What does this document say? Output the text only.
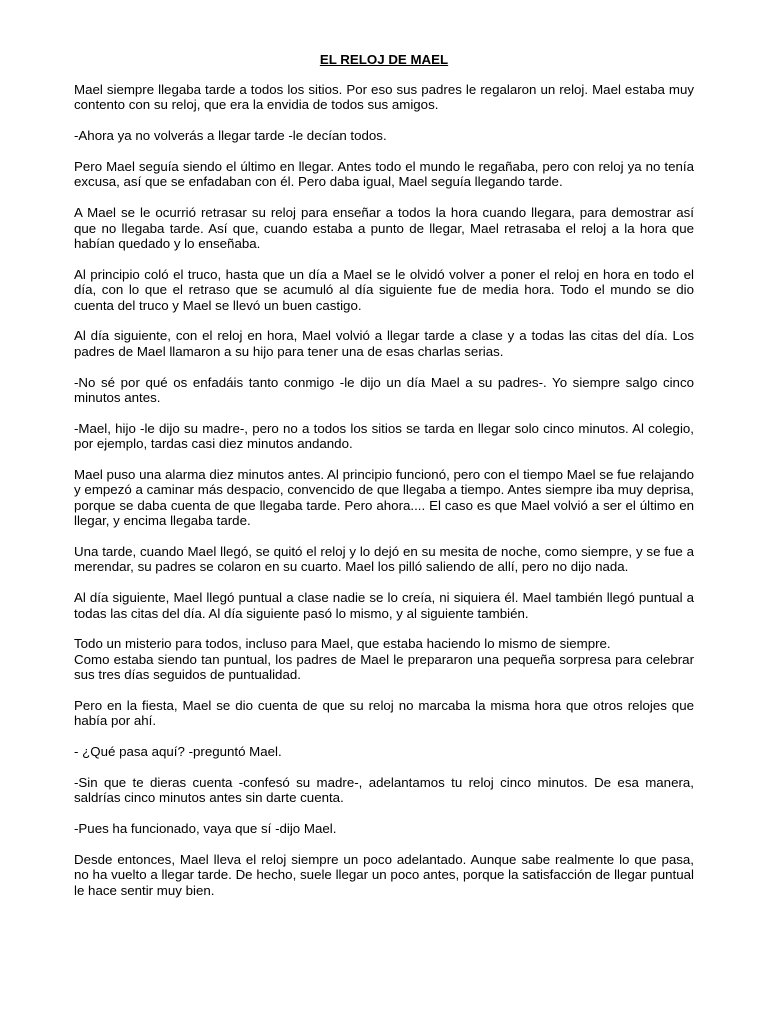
EL RELOJ DE MAEL

Mael siempre llegaba tarde a todos los sitios. Por eso sus padres le regalaron un reloj. Mael estaba muy contento con su reloj, que era la envidia de todos sus amigos.

-Ahora ya no volverás a llegar tarde -le decían todos.

Pero Mael seguía siendo el último en llegar. Antes todo el mundo le regañaba, pero con reloj ya no tenía excusa, así que se enfadaban con él. Pero daba igual, Mael seguía llegando tarde.

A Mael se le ocurrió retrasar su reloj para enseñar a todos la hora cuando llegara, para demostrar así que no llegaba tarde. Así que, cuando estaba a punto de llegar, Mael retrasaba el reloj a la hora que habían quedado y lo enseñaba.

Al principio coló el truco, hasta que un día a Mael se le olvidó volver a poner el reloj en hora en todo el día, con lo que el retraso que se acumuló al día siguiente fue de media hora. Todo el mundo se dio cuenta del truco y Mael se llevó un buen castigo.

Al día siguiente, con el reloj en hora, Mael volvió a llegar tarde a clase y a todas las citas del día. Los padres de Mael llamaron a su hijo para tener una de esas charlas serias.

-No sé por qué os enfadáis tanto conmigo -le dijo un día Mael a su padres-. Yo siempre salgo cinco minutos antes.

-Mael, hijo -le dijo su madre-, pero no a todos los sitios se tarda en llegar solo cinco minutos. Al colegio, por ejemplo, tardas casi diez minutos andando.

Mael puso una alarma diez minutos antes. Al principio funcionó, pero con el tiempo Mael se fue relajando y empezó a caminar más despacio, convencido de que llegaba a tiempo. Antes siempre iba muy deprisa, porque se daba cuenta de que llegaba tarde. Pero ahora.... El caso es que Mael volvió a ser el último en llegar, y encima llegaba tarde.

Una tarde, cuando Mael llegó, se quitó el reloj y lo dejó en su mesita de noche, como siempre, y se fue a merendar, su padres se colaron en su cuarto. Mael los pilló saliendo de allí, pero no dijo nada.

Al día siguiente, Mael llegó puntual a clase nadie se lo creía, ni siquiera él. Mael también llegó puntual a todas las citas del día. Al día siguiente pasó lo mismo, y al siguiente también.

Todo un misterio para todos, incluso para Mael, que estaba haciendo lo mismo de siempre.

Como estaba siendo tan puntual, los padres de Mael le prepararon una pequeña sorpresa para celebrar sus tres días seguidos de puntualidad.

Pero en la fiesta, Mael se dio cuenta de que su reloj no marcaba la misma hora que otros relojes que había por ahí.

- ¿Qué pasa aquí? -preguntó Mael.

-Sin que te dieras cuenta -confesó su madre-, adelantamos tu reloj cinco minutos. De esa manera, saldrías cinco minutos antes sin darte cuenta.

-Pues ha funcionado, vaya que sí -dijo Mael.

Desde entonces, Mael lleva el reloj siempre un poco adelantado. Aunque sabe realmente lo que pasa, no ha vuelto a llegar tarde. De hecho, suele llegar un poco antes, porque la satisfacción de llegar puntual le hace sentir muy bien.
